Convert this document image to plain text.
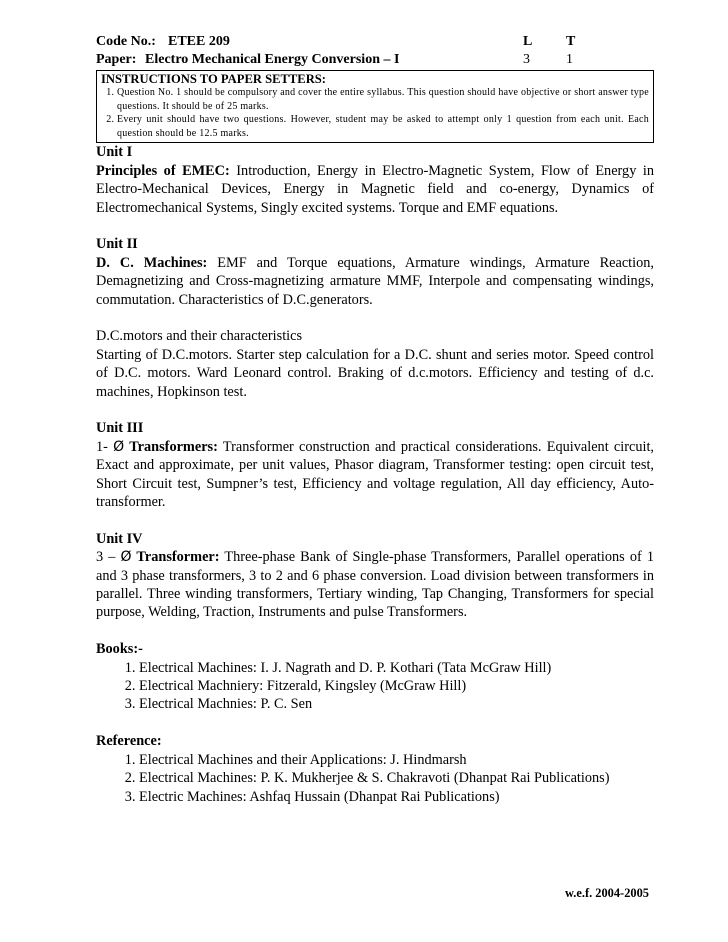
Code No.: ETEE 209	L T
Paper: Electro Mechanical Energy Conversion – I	3	1
INSTRUCTIONS TO PAPER SETTERS:
1. Question No. 1 should be compulsory and cover the entire syllabus. This question should have objective or short answer type questions. It should be of 25 marks.
2. Every unit should have two questions. However, student may be asked to attempt only 1 question from each unit. Each question should be 12.5 marks.
Unit I

Principles of EMEC: Introduction, Energy in Electro-Magnetic System, Flow of Energy in Electro-Mechanical Devices, Energy in Magnetic field and co-energy, Dynamics of Electromechanical Systems, Singly excited systems. Torque and EMF equations.

Unit II

D. C. Machines: EMF and Torque equations, Armature windings, Armature Reaction, Demagnetizing and Cross-magnetizing armature MMF, Interpole and compensating windings, commutation. Characteristics of D.C.generators.

D.C.motors and their characteristics

Starting of D.C.motors. Starter step calculation for a D.C. shunt and series motor. Speed control of D.C. motors. Ward Leonard control. Braking of d.c.motors. Efficiency and testing of d.c. machines, Hopkinson test.

Unit III

1- Ø Transformers: Transformer construction and practical considerations. Equivalent circuit, Exact and approximate, per unit values, Phasor diagram, Transformer testing: open circuit test, Short Circuit test, Sumpner’s test, Efficiency and voltage regulation, All day efficiency, Auto-transformer.

Unit IV

3 – Ø Transformer: Three-phase Bank of Single-phase Transformers, Parallel operations of 1 and 3 phase transformers, 3 to 2 and 6 phase conversion. Load division between transformers in parallel. Three winding transformers, Tertiary winding, Tap Changing, Transformers for special purpose, Welding, Traction, Instruments and pulse Transformers.

Books:-
1. Electrical Machines: I. J. Nagrath and D. P. Kothari (Tata McGraw Hill)
2. Electrical Machniery: Fitzerald, Kingsley (McGraw Hill)
3. Electrical Machnies: P. C. Sen
Reference:
1. Electrical Machines and their Applications: J. Hindmarsh
2. Electrical Machines: P. K. Mukherjee & S. Chakravoti (Dhanpat Rai Publications)
3. Electric Machines: Ashfaq Hussain (Dhanpat Rai Publications)
w.e.f. 2004-2005
